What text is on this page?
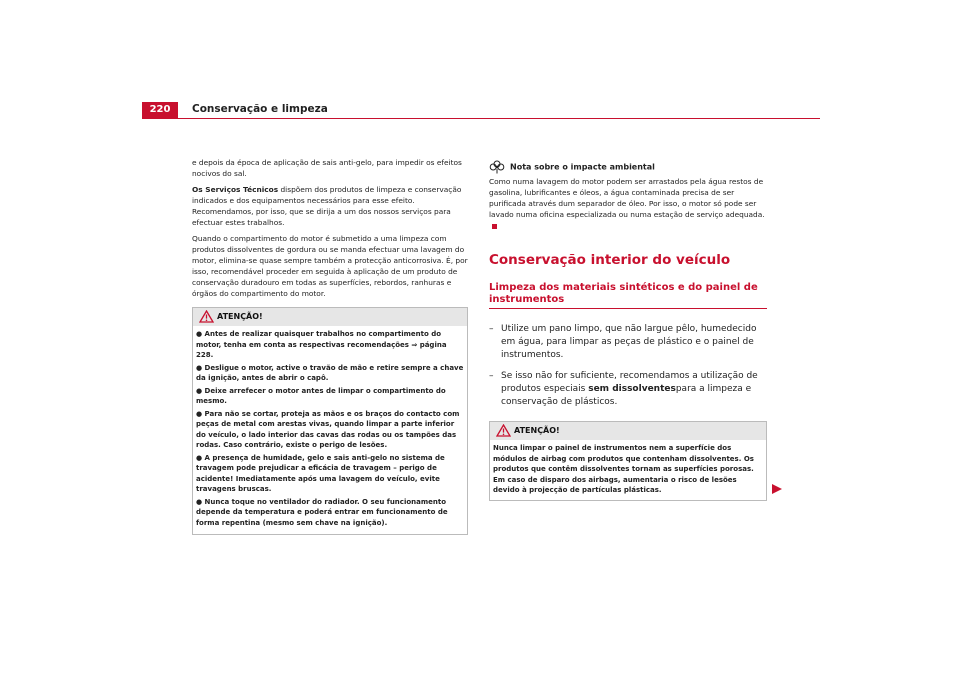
220	Conservação e limpeza

e depois da época de aplicação de sais anti-gelo, para impedir os efeitos nocivos do sal.

Os Serviços Técnicos dispõem dos produtos de limpeza e conservação indicados e dos equipamentos necessários para esse efeito. Recomendamos, por isso, que se dirija a um dos nossos serviços para efectuar estes trabalhos.

Quando o compartimento do motor é submetido a uma limpeza com produtos dissolventes de gordura ou se manda efectuar uma lavagem do motor, elimina-se quase sempre também a protecção anticorrosiva. É, por isso, recomendável proceder em seguida à aplicação de um produto de conservação duradouro em todas as superfícies, rebordos, ranhuras e órgãos do compartimento do motor.

ATENÇÃO!
● Antes de realizar quaisquer trabalhos no compartimento do motor, tenha em conta as respectivas recomendações ⇒ página 228.
● Desligue o motor, active o travão de mão e retire sempre a chave da ignição, antes de abrir o capô.
● Deixe arrefecer o motor antes de limpar o compartimento do mesmo.
● Para não se cortar, proteja as mãos e os braços do contacto com peças de metal com arestas vivas, quando limpar a parte inferior do veículo, o lado interior das cavas das rodas ou os tampões das rodas. Caso contrário, existe o perigo de lesões.
● A presença de humidade, gelo e sais anti-gelo no sistema de travagem pode prejudicar a eficácia de travagem – perigo de acidente! Imediatamente após uma lavagem do veículo, evite travagens bruscas.
● Nunca toque no ventilador do radiador. O seu funcionamento depende da temperatura e poderá entrar em funcionamento de forma repentina (mesmo sem chave na ignição).
Nota sobre o impacte ambiental

Como numa lavagem do motor podem ser arrastados pela água restos de gasolina, lubrificantes e óleos, a água contaminada precisa de ser purificada através dum separador de óleo. Por isso, o motor só pode ser lavado numa oficina especializada ou numa estação de serviço adequada.

Conservação interior do veículo
Limpeza dos materiais sintéticos e do painel de instrumentos
– Utilize um pano limpo, que não largue pêlo, humedecido em água, para limpar as peças de plástico e o painel de instrumentos.
– Se isso não for suficiente, recomendamos a utilização de produtos especiais sem dissolventespara a limpeza e conservação de plásticos.
ATENÇÃO!
Nunca limpar o painel de instrumentos nem a superfície dos módulos de airbag com produtos que contenham dissolventes. Os produtos que contêm dissolventes tornam as superfícies porosas. Em caso de disparo dos airbags, aumentaria o risco de lesões devido à projecção de partículas plásticas.
